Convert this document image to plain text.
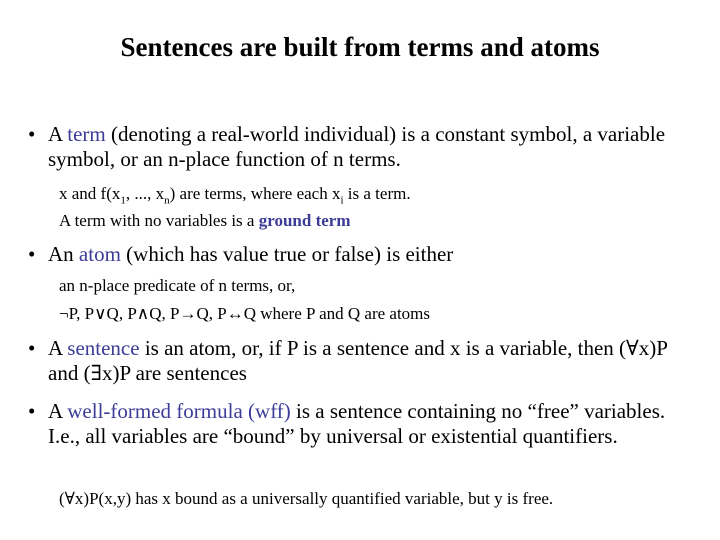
Sentences are built from terms and atoms
• A term (denoting a real-world individual) is a constant symbol, a variable symbol, or an n-place function of n terms.
x and $f(x_1$, ..., $x_n$) are terms, where each $x_i$ is a term.
A term with no variables is a ground term
• An atom (which has value true or false) is either
an n-place predicate of n terms, or,
¬P, P∨Q, P∧Q, P→Q, P↔Q where P and Q are atoms
• A sentence is an atom, or, if P is a sentence and x is a variable, then (∀x)P and (∃x)P are sentences
• A well-formed formula (wff) is a sentence containing no “free” variables. I.e., all variables are “bound” by universal or existential quantifiers.
(∀x)P(x,y) has x bound as a universally quantified variable, but y is free.
